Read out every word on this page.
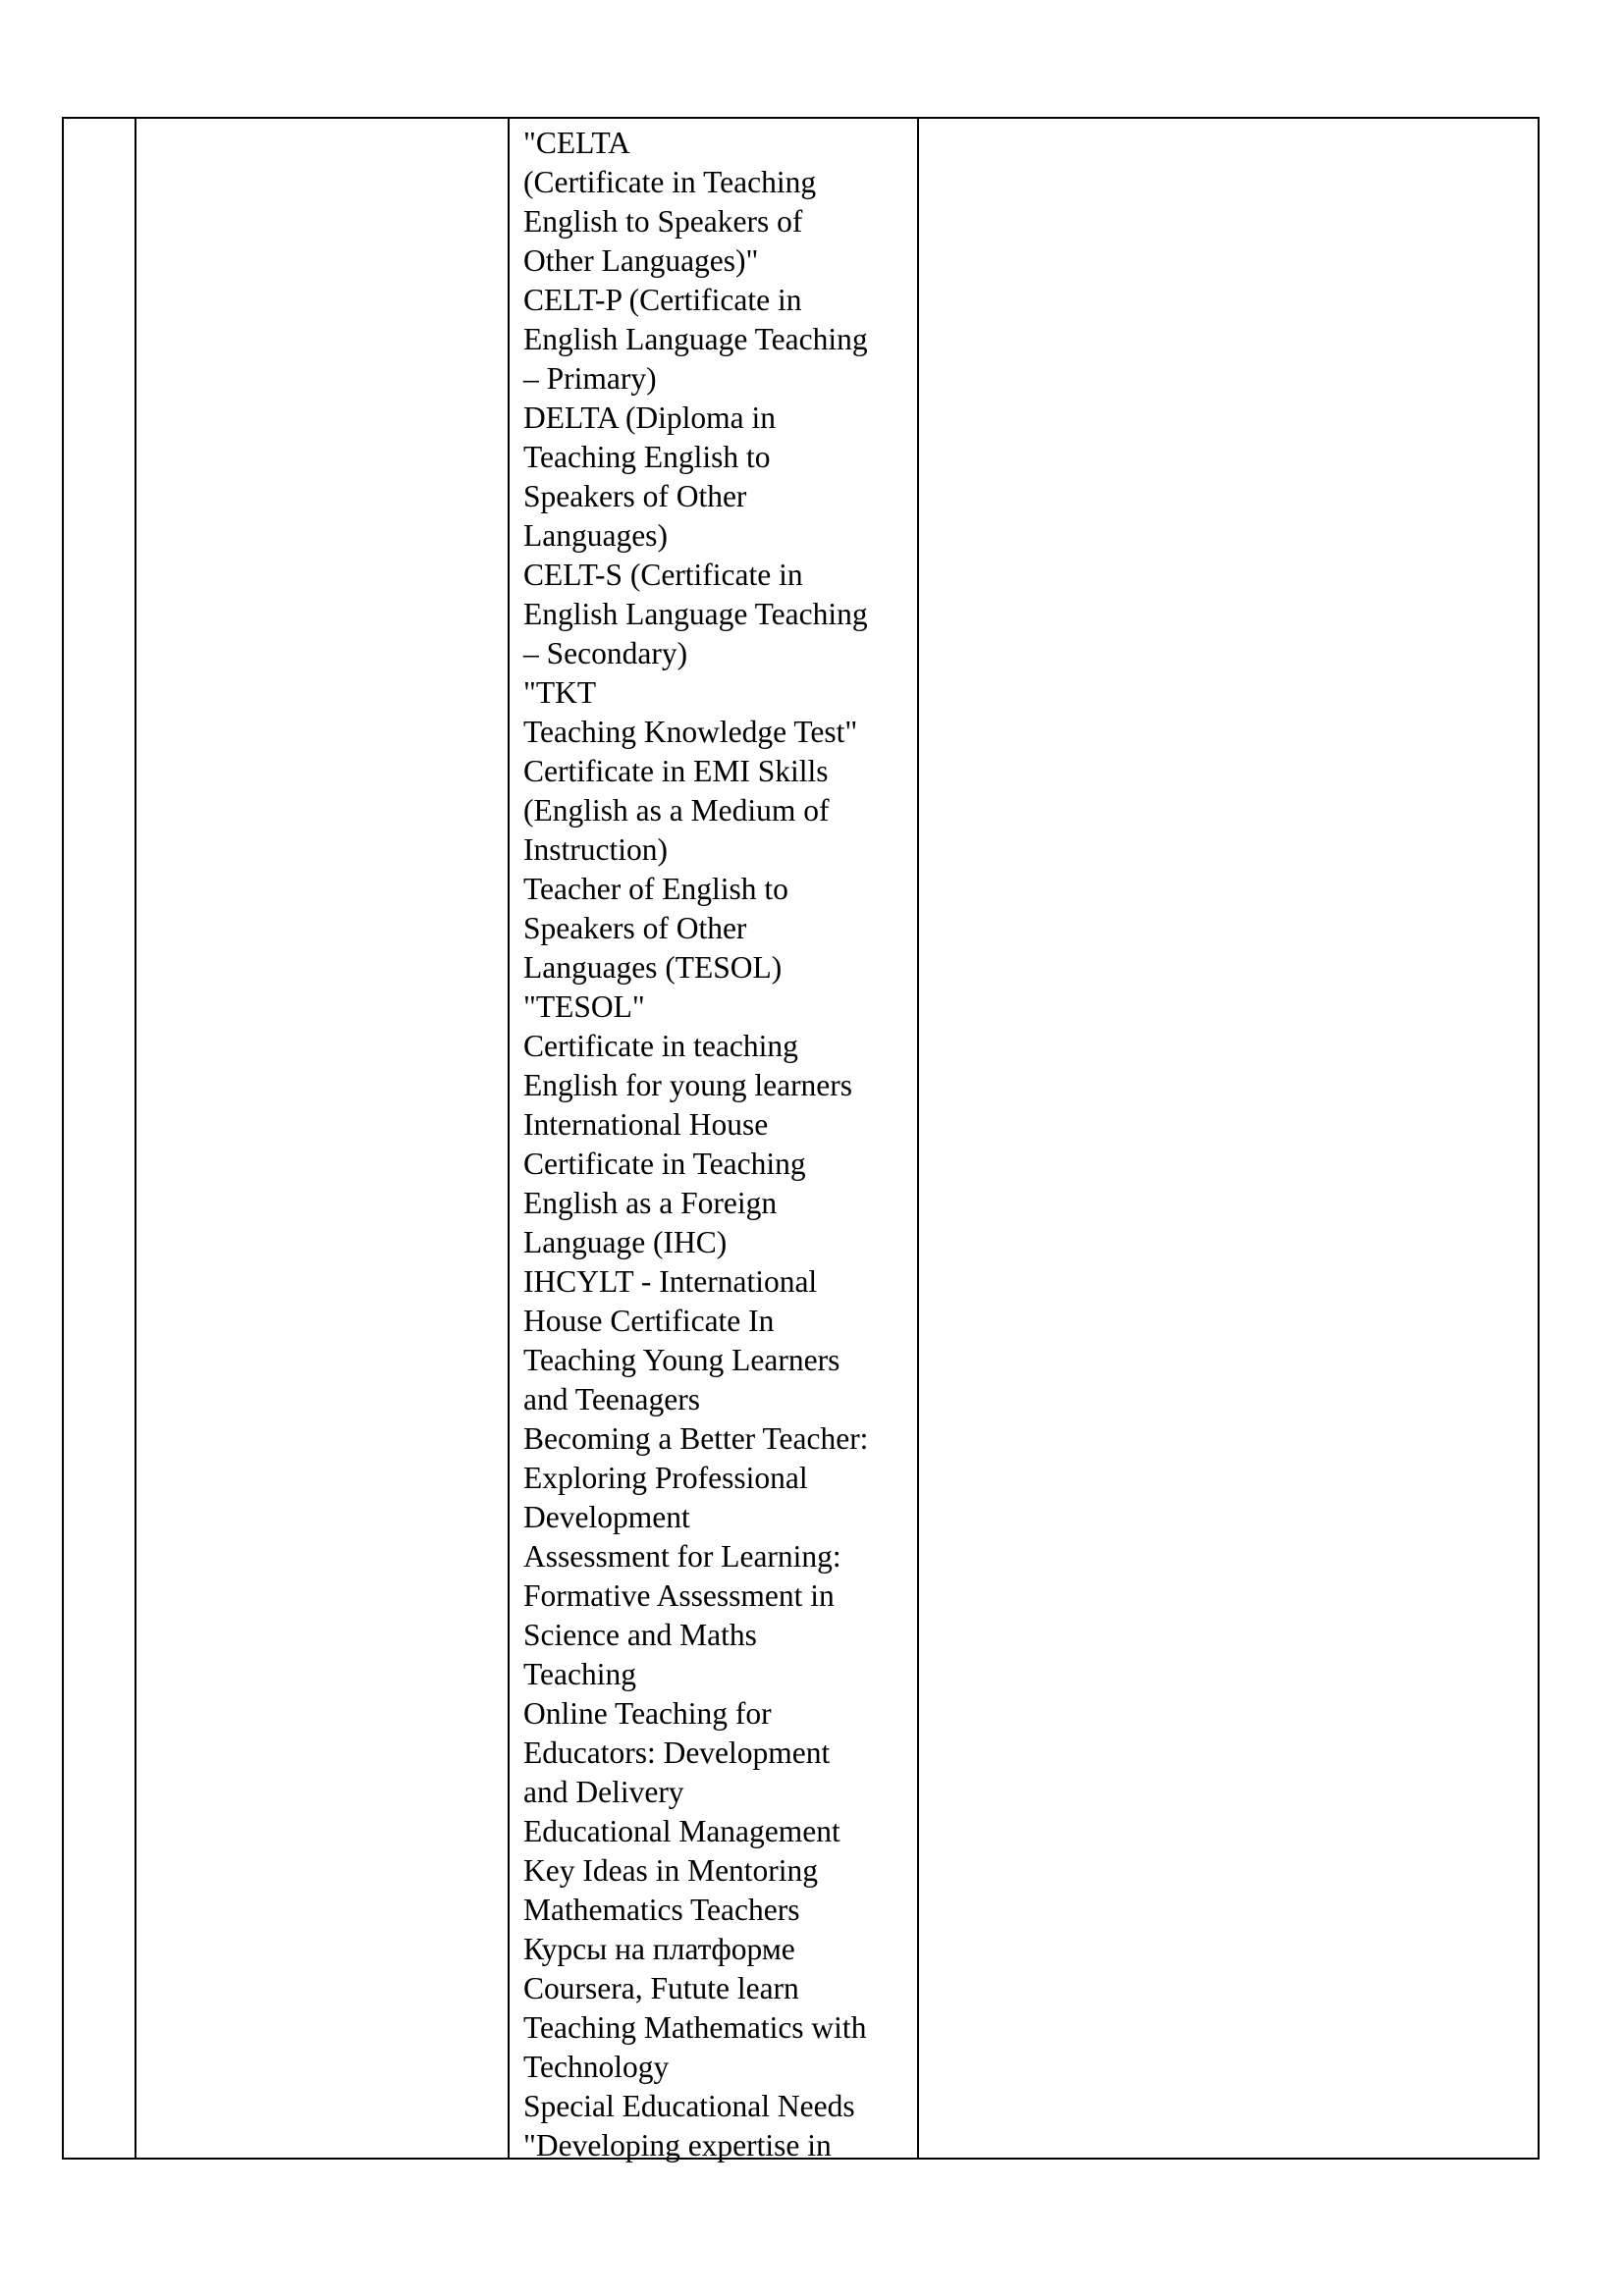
"CELTA
(Certificate in Teaching
English to Speakers of
Other Languages)"
CELT-P (Certificate in
English Language Teaching
– Primary)
DELTA (Diploma in
Teaching English to
Speakers of Other
Languages)
CELT-S (Certificate in
English Language Teaching
– Secondary)
"TKT
Teaching Knowledge Test"
Certificate in EMI Skills
(English as a Medium of
Instruction)
Teacher of English to
Speakers of Other
Languages (TESOL)
"TESOL"
Certificate in teaching
English for young learners
International House
Certificate in Teaching
English as a Foreign
Language (IHC)
IHCYLT - International
House Certificate In
Teaching Young Learners
and Teenagers
Becoming a Better Teacher:
Exploring Professional
Development
Assessment for Learning:
Formative Assessment in
Science and Maths
Teaching
Online Teaching for
Educators: Development
and Delivery
Educational Management
Key Ideas in Mentoring
Mathematics Teachers
Курсы на платформе
Coursera, Futute learn
Teaching Mathematics with
Technology
Special Educational Needs
"Developing expertise in
